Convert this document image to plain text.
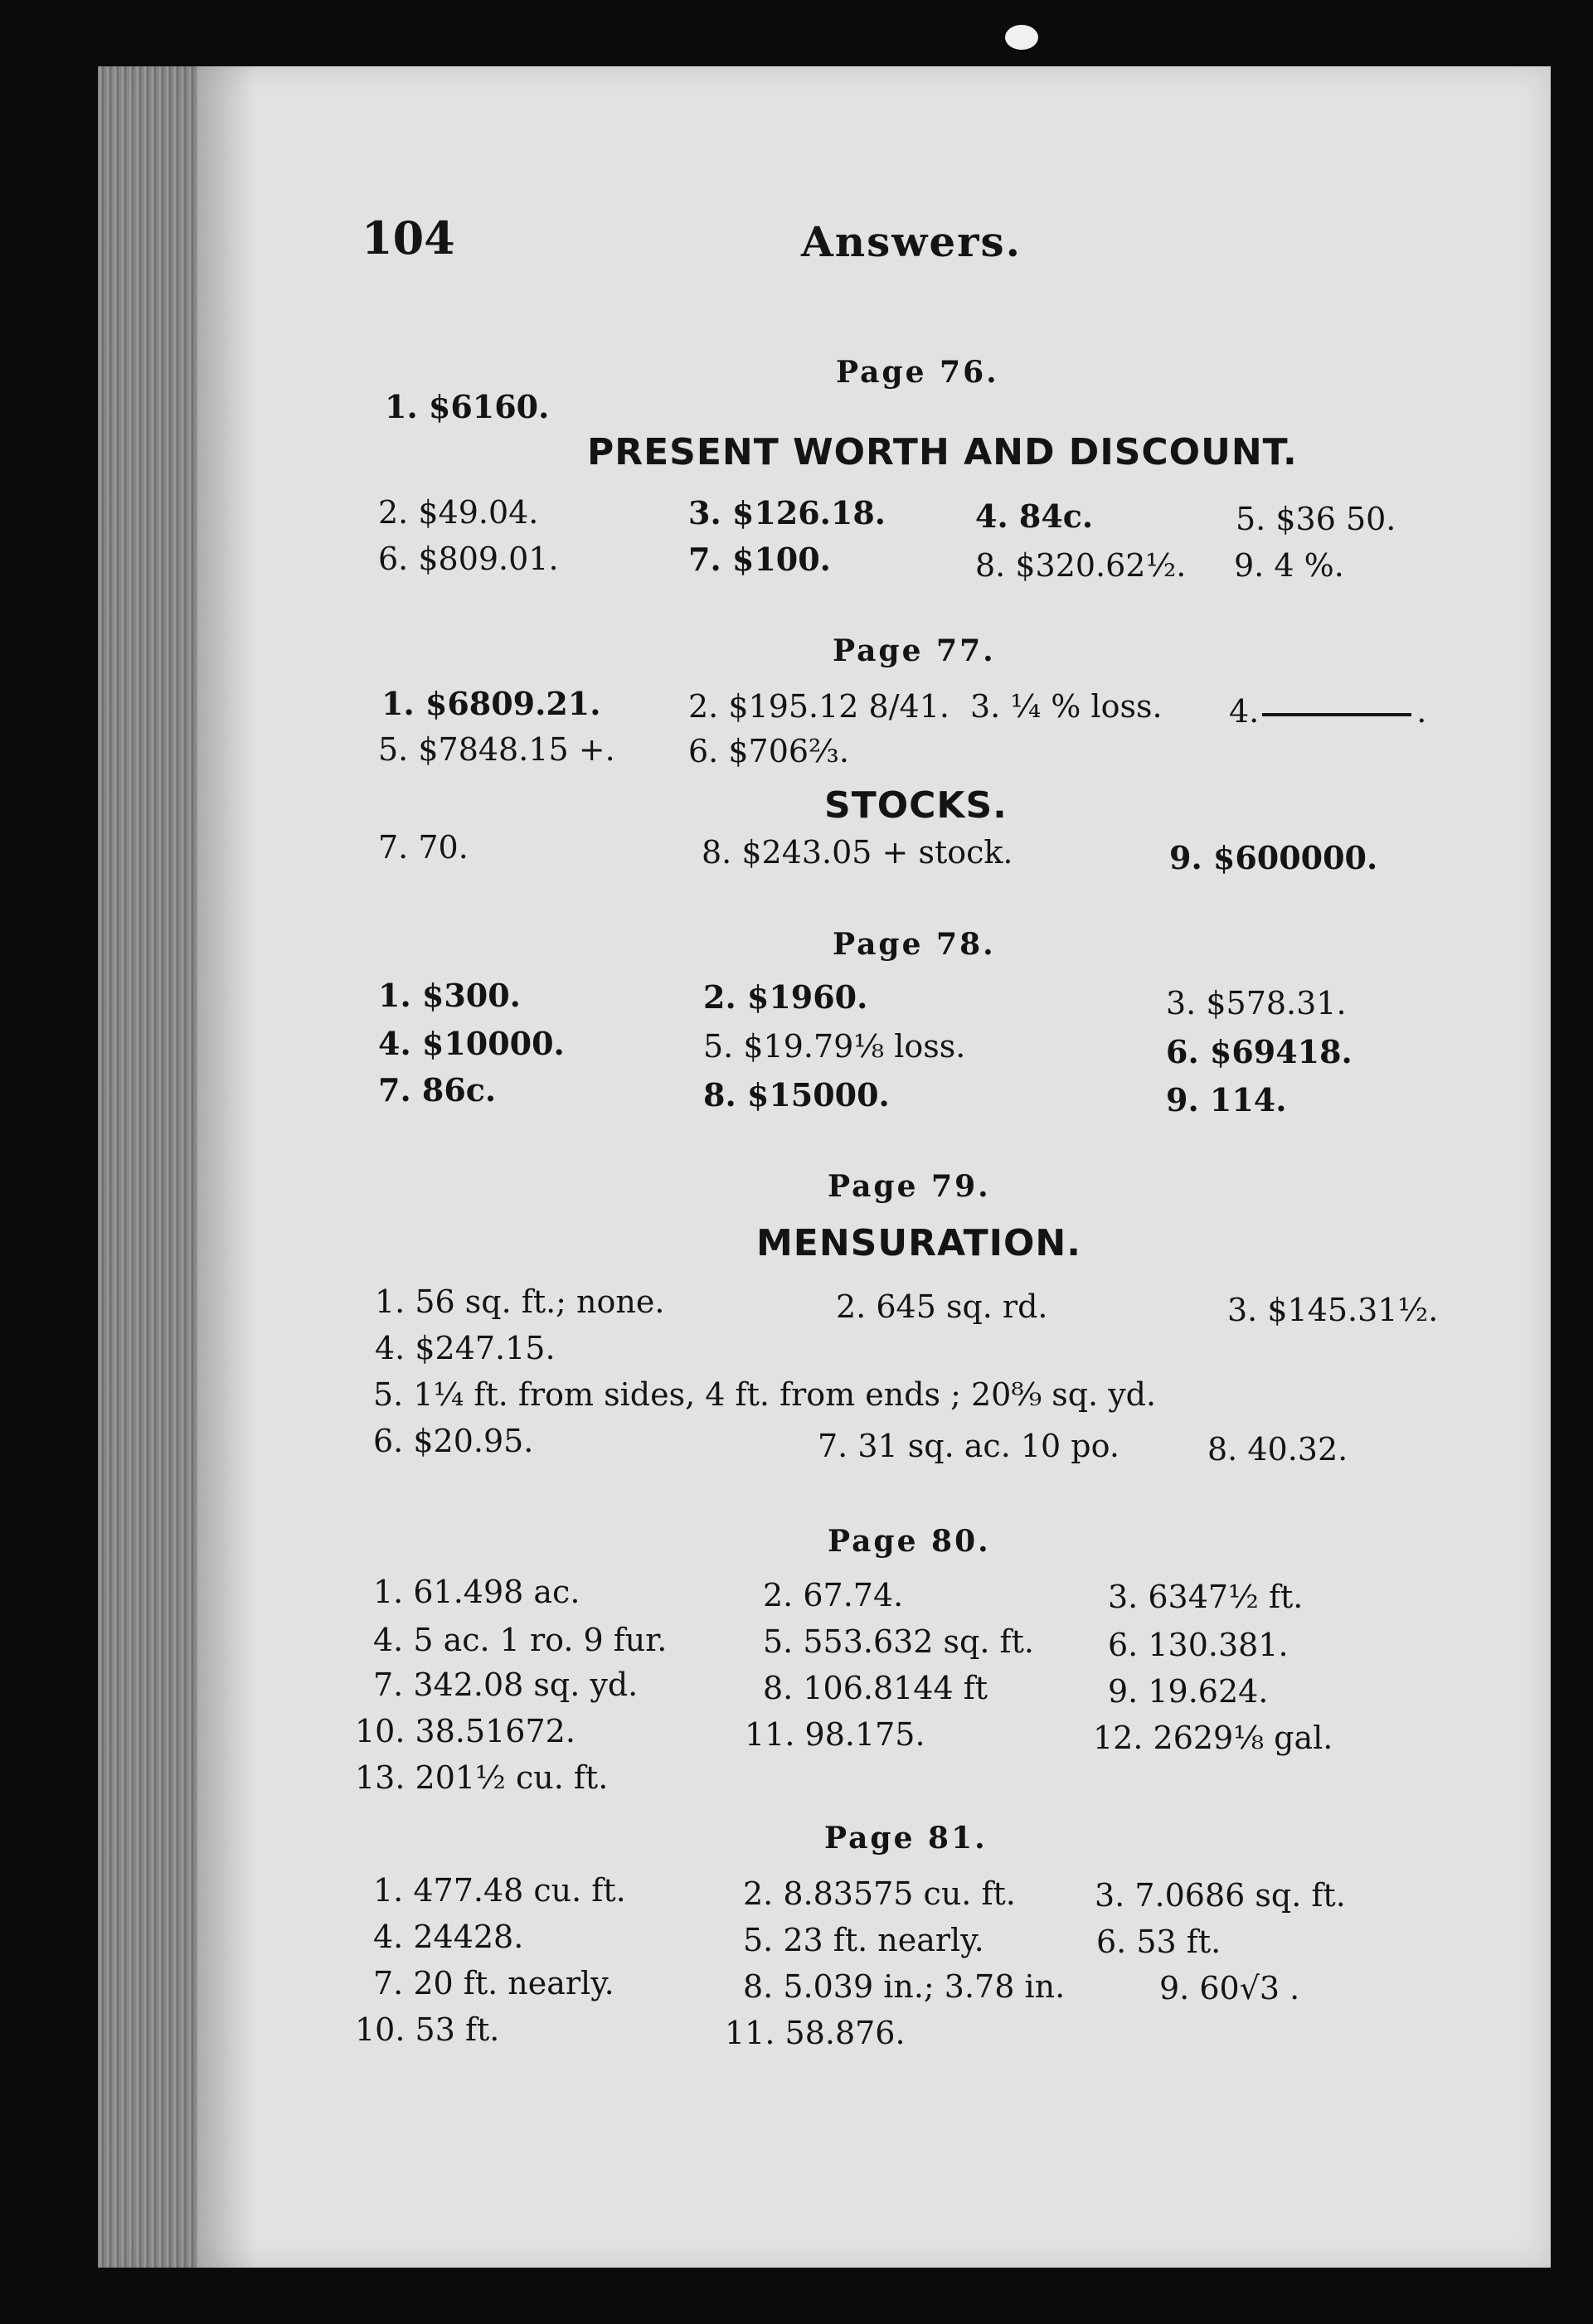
104	Answers.
Page 76.
1. $6160.
PRESENT WORTH AND DISCOUNT.
2. $49.04.	3. $126.18.	4. 84c.	5. $36 50.
6. $809.01.	7. $100.	8. $320.62½. 9. 4 %.
Page 77.
1. $6809.21.	2. $195.12 8/41. 3. ¼ % loss. 4.	.
5. $7848.15 +. 6. $706⅔.
STOCKS.
7. 70.	8. $243.05 + stock.	9. $600000.
Page 78.
1. $300.	2. $1960.	3. $578.31.
4. $10000.	5. $19.79⅛ loss.	6. $69418.
7. 86c.	8. $15000.	9. 114.
Page 79.
MENSURATION.
1. 56 sq. ft.; none.	2. 645 sq. rd.	3. $145.31½.
4. $247.15.
5. 1¼ ft. from sides, 4 ft. from ends ; 20⁸⁄₉ sq. yd.
6. $20.95.	7. 31 sq. ac. 10 po.	8. 40.32.
Page 80.
1. 61.498 ac.	2. 67.74.	3. 6347½ ft.
4. 5 ac. 1 ro. 9 fur.	5. 553.632 sq. ft. 6. 130.381.
7. 342.08 sq. yd.	8. 106.8144 ft	9. 19.624.
10. 38.51672.	11. 98.175.	12. 2629⅛ gal.
13. 201½ cu. ft.
Page 81.
1. 477.48 cu. ft.	2. 8.83575 cu. ft.	3. 7.0686 sq. ft.
4. 24428.	5. 23 ft. nearly.	6. 53 ft.
7. 20 ft. nearly.	8. 5.039 in.; 3.78 in.	9. 60√3 .
10. 53 ft.	11. 58.876.
